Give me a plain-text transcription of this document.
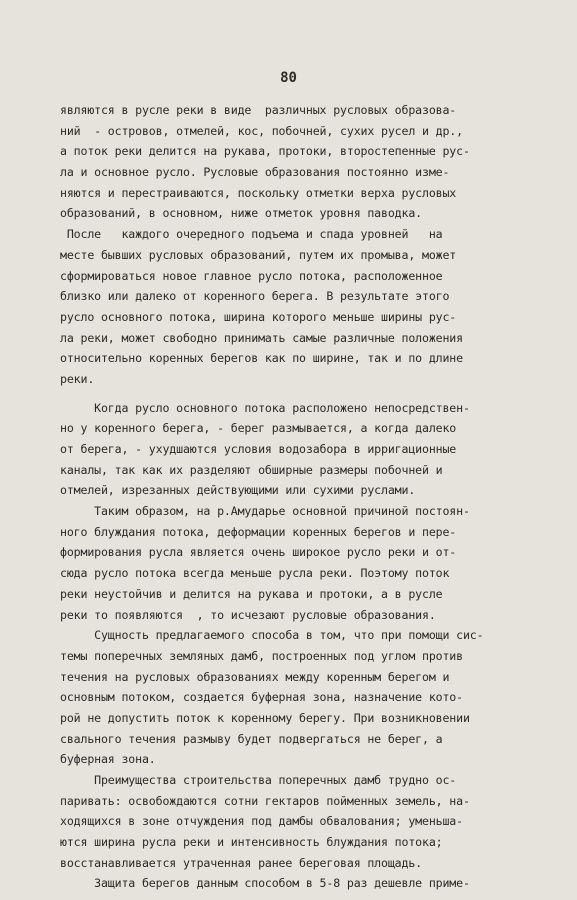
80
являются в русле реки в виде  различных русловых образова-
ний  - островов, отмелей, кос, побочней, сухих русел и др.,
а поток реки делится на рукава, протоки, второстепенные рус-
ла и основное русло. Русловые образования постоянно изме-
няются и перестраиваются, поскольку отметки верха русловых
образований, в основном, ниже отметок уровня паводка.
После   каждого очередного подъема и спада уровней   на
месте бывших русловых образований, путем их промыва, может
сформироваться новое главное русло потока, расположенное
близко или далеко от коренного берега. В результате этого
русло основного потока, ширина которого меньше ширины рус-
ла реки, может свободно принимать самые различные положения
относительно коренных берегов как по ширине, так и по длине
реки.
Когда русло основного потока расположено непосредствен-
но у коренного берега, - берег размывается, а когда далеко
от берега, - ухудшаются условия водозабора в ирригационные
каналы, так как их разделяют обширные размеры побочней и
отмелей, изрезанных действующими или сухими руслами.
Таким образом, на р.Амударье основной причиной постоян-
ного блуждания потока, деформации коренных берегов и пере-
формирования русла является очень широкое русло реки и от-
сюда русло потока всегда меньше русла реки. Поэтому поток
реки неустойчив и делится на рукава и протоки, а в русле
реки то появляются  , то исчезают русловые образования.
Сущность предлагаемого способа в том, что при помощи сис-
темы поперечных земляных дамб, построенных под углом против
течения на русловых образованиях между коренным берегом и
основным потоком, создается буферная зона, назначение кото-
рой не допустить поток к коренному берегу. При возникновении
свального течения размыву будет подвергаться не берег, а
буферная зона.
Преимущества строительства поперечных дамб трудно ос-
паривать: освобождаются сотни гектаров пойменных земель, на-
ходящихся в зоне отчуждения под дамбы обвалования; уменьша-
ются ширина русла реки и интенсивность блуждания потока;
восстанавливается утраченная ранее береговая площадь.
Защита берегов данным способом в 5-8 раз дешевле приме-
